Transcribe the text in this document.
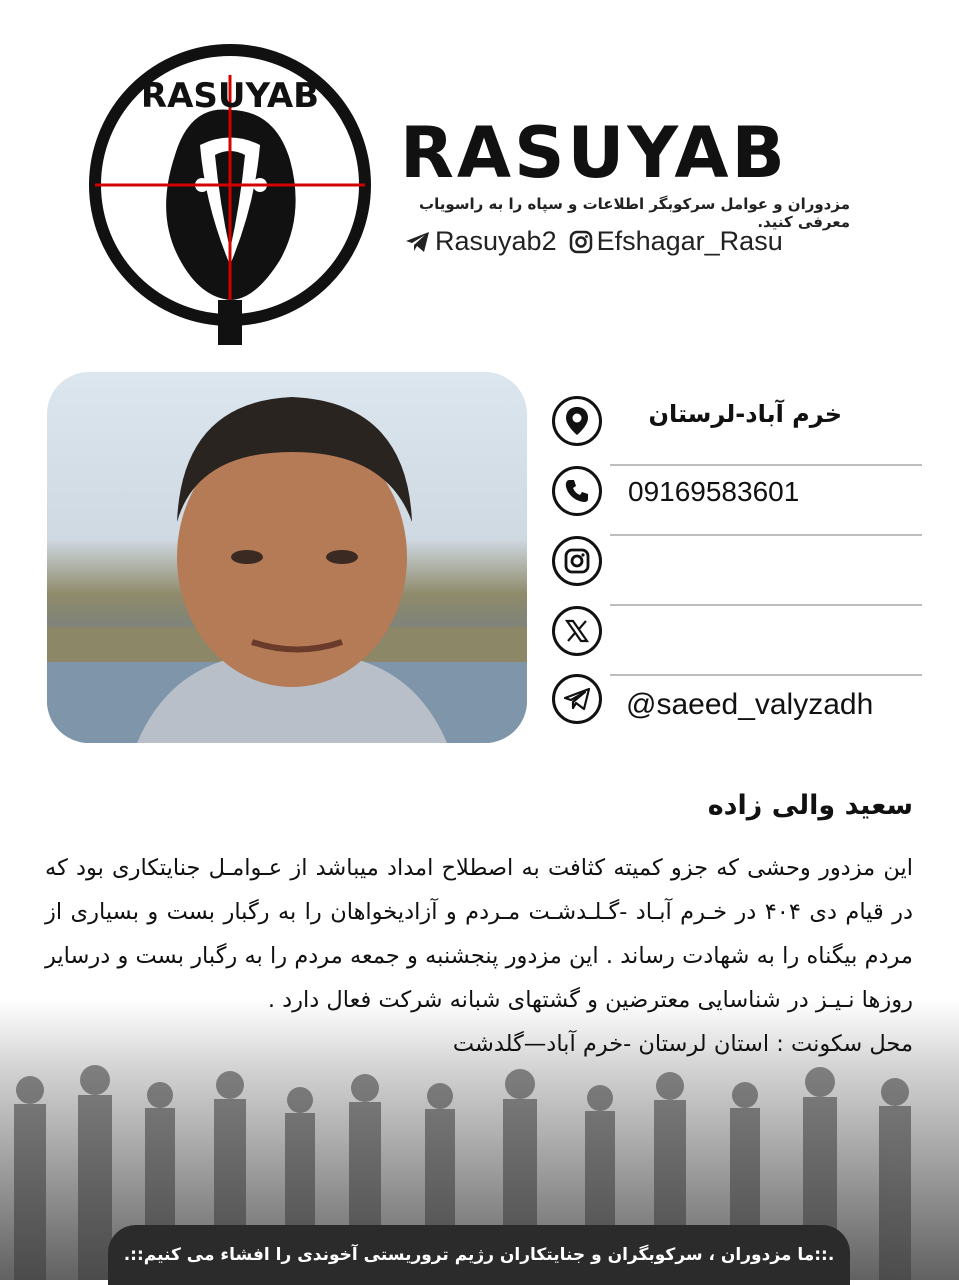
RASUYAB
RASUYAB
مزدوران و عوامل سرکوبگر اطلاعات و سپاه را به راسویاب معرفی کنید.
Rasuyab2 Efshagar_Rasu
خرم آباد-لرستان
09169583601
@saeed_valyzadh
سعید والی زاده

این مزدور وحشی که جزو کمیته کثافت به اصطلاح امداد میباشد از عـوامـل جنایتکاری بود که در قیام دی ۴۰۴ در خـرم آبـاد -گـلـدشـت مـردم و آزادیخواهان را به رگبار بست و بسیاری از مردم بیگناه را به شهادت رساند . این مزدور پنجشنبه و جمعه مردم را به رگبار بست و درسایر روزها نـیـز در شناسایی معترضین و گشتهای شبانه شرکت فعال دارد .

محل سکونت : استان لرستان -خرم آباد—گلدشت

.::ما مزدوران ، سرکوبگران و جنایتکاران رژیم تروریستی آخوندی را افشاء می کنیم::.
